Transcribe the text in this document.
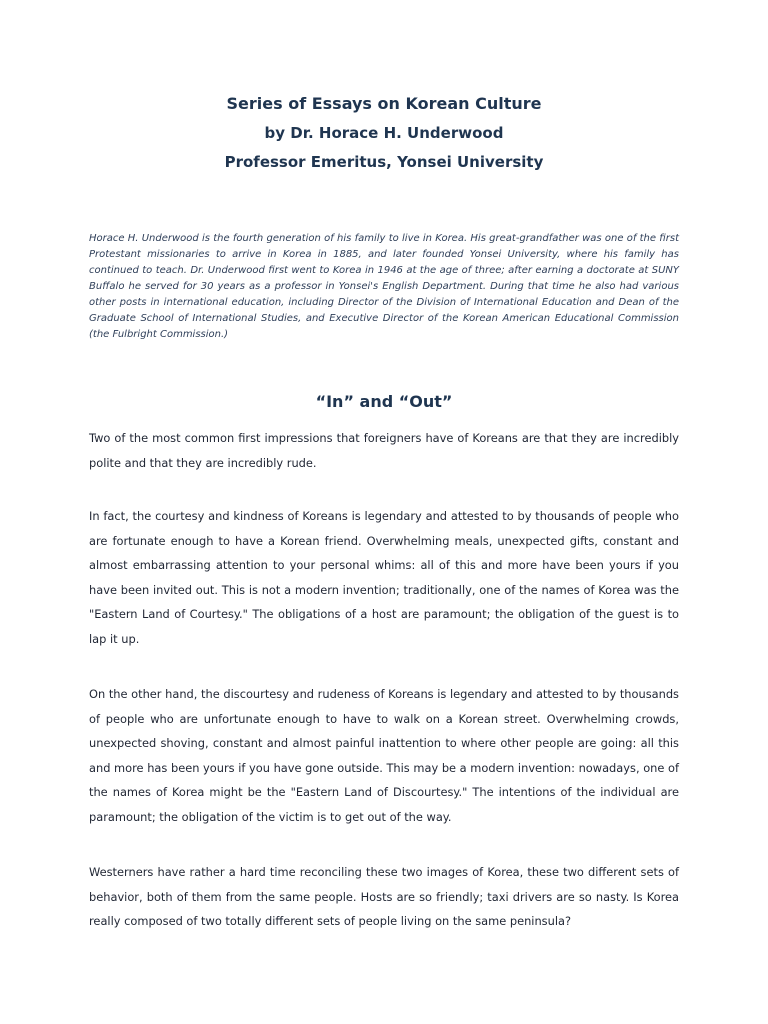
Series of Essays on Korean Culture
by Dr. Horace H. Underwood
Professor Emeritus, Yonsei University
Horace H. Underwood is the fourth generation of his family to live in Korea. His great-grandfather was one of the first Protestant missionaries to arrive in Korea in 1885, and later founded Yonsei University, where his family has continued to teach. Dr. Underwood first went to Korea in 1946 at the age of three; after earning a doctorate at SUNY Buffalo he served for 30 years as a professor in Yonsei's English Department. During that time he also had various other posts in international education, including Director of the Division of International Education and Dean of the Graduate School of International Studies, and Executive Director of the Korean American Educational Commission (the Fulbright Commission.)
“In” and “Out”
Two of the most common first impressions that foreigners have of Koreans are that they are incredibly polite and that they are incredibly rude.
In fact, the courtesy and kindness of Koreans is legendary and attested to by thousands of people who are fortunate enough to have a Korean friend. Overwhelming meals, unexpected gifts, constant and almost embarrassing attention to your personal whims: all of this and more have been yours if you have been invited out. This is not a modern invention; traditionally, one of the names of Korea was the "Eastern Land of Courtesy." The obligations of a host are paramount; the obligation of the guest is to lap it up.
On the other hand, the discourtesy and rudeness of Koreans is legendary and attested to by thousands of people who are unfortunate enough to have to walk on a Korean street. Overwhelming crowds, unexpected shoving, constant and almost painful inattention to where other people are going: all this and more has been yours if you have gone outside. This may be a modern invention: nowadays, one of the names of Korea might be the "Eastern Land of Discourtesy." The intentions of the individual are paramount; the obligation of the victim is to get out of the way.
Westerners have rather a hard time reconciling these two images of Korea, these two different sets of behavior, both of them from the same people. Hosts are so friendly; taxi drivers are so nasty. Is Korea really composed of two totally different sets of people living on the same peninsula?
